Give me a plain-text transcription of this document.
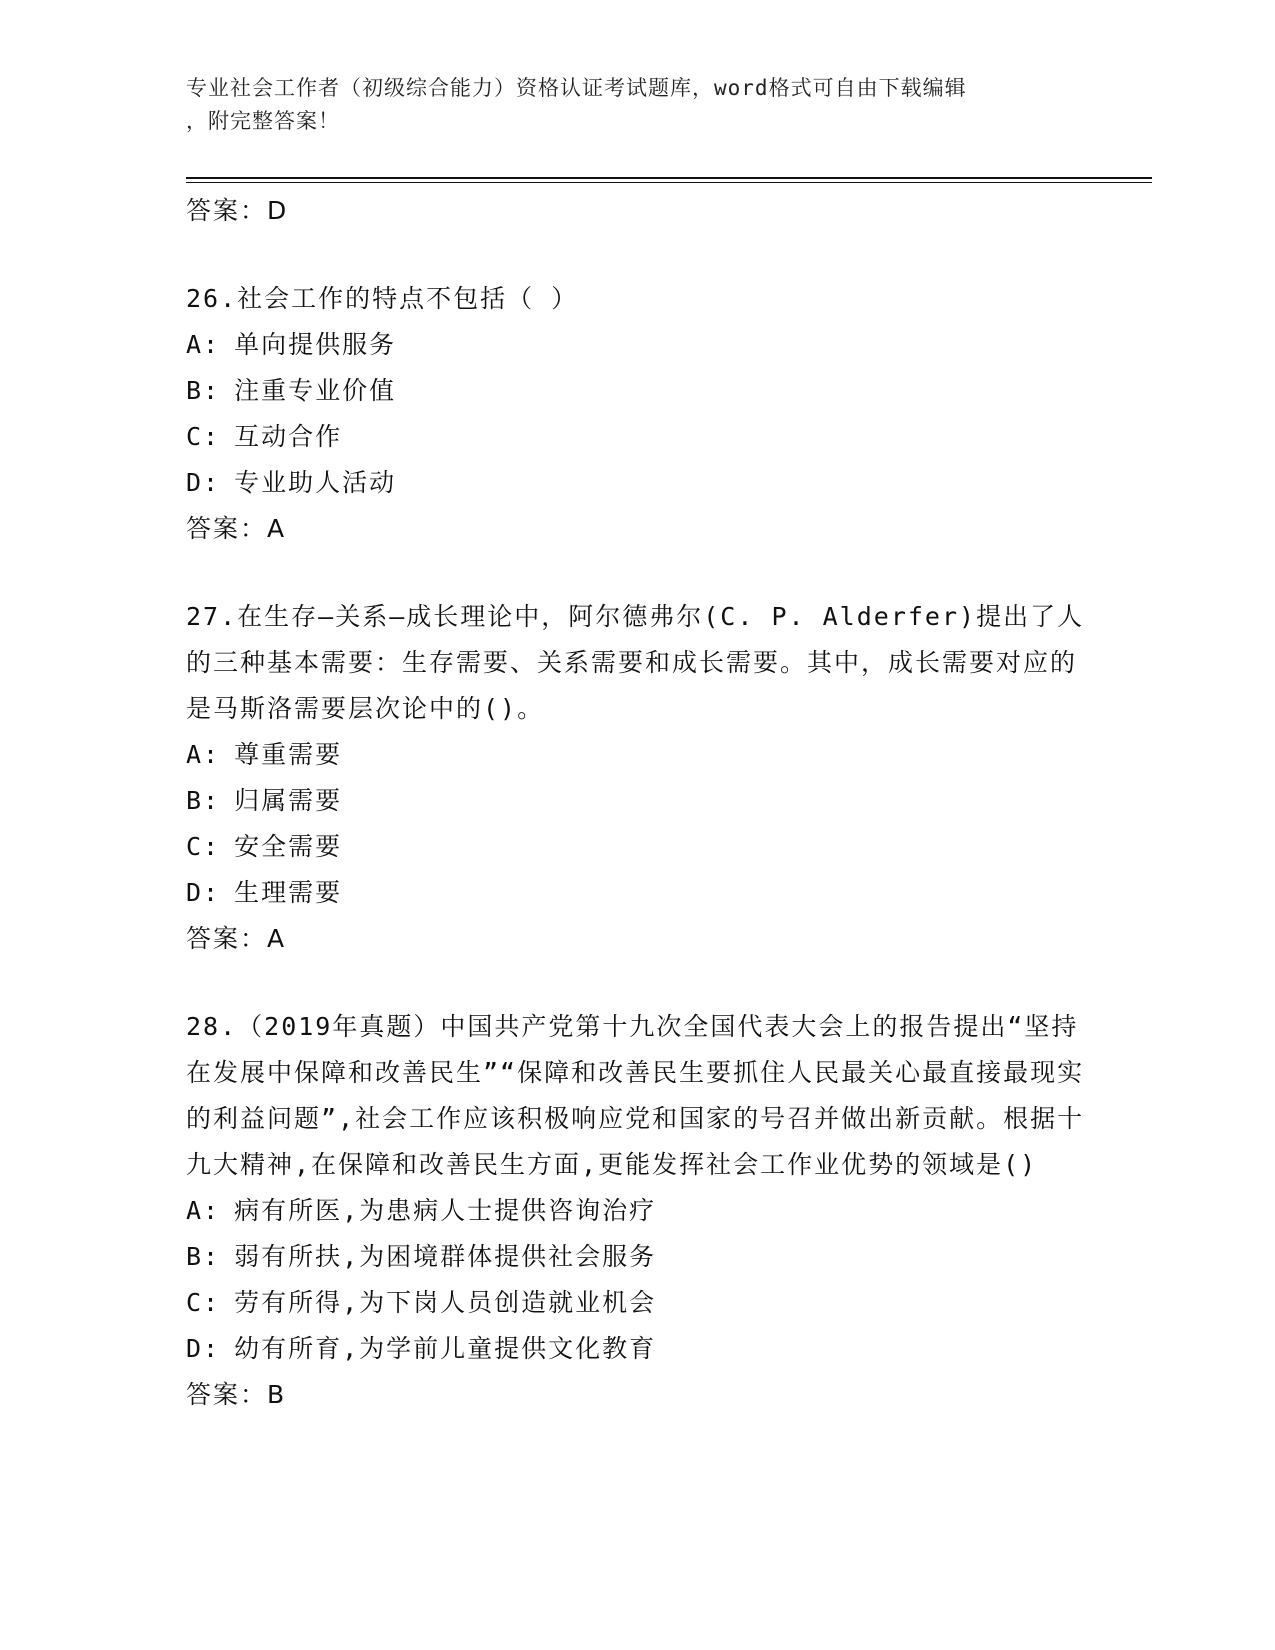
专业社会工作者（初级综合能力）资格认证考试题库，word格式可自由下载编辑
，附完整答案！
答案：D

26.社会工作的特点不包括（ ）

A: 单向提供服务
B: 注重专业价值
C: 互动合作
D: 专业助人活动
答案：A

27.在生存—关系—成长理论中，阿尔德弗尔(C. P. Alderfer)提出了人的三种基本需要：生存需要、关系需要和成长需要。其中，成长需要对应的是马斯洛需要层次论中的()。

A: 尊重需要
B: 归属需要
C: 安全需要
D: 生理需要
答案：A

28.（2019年真题）中国共产党第十九次全国代表大会上的报告提出“坚持在发展中保障和改善民生”“保障和改善民生要抓住人民最关心最直接最现实的利益问题”,社会工作应该积极响应党和国家的号召并做出新贡献。根据十九大精神,在保障和改善民生方面,更能发挥社会工作业优势的领域是()

A: 病有所医,为患病人士提供咨询治疗
B: 弱有所扶,为困境群体提供社会服务
C: 劳有所得,为下岗人员创造就业机会
D: 幼有所育,为学前儿童提供文化教育
答案：B
